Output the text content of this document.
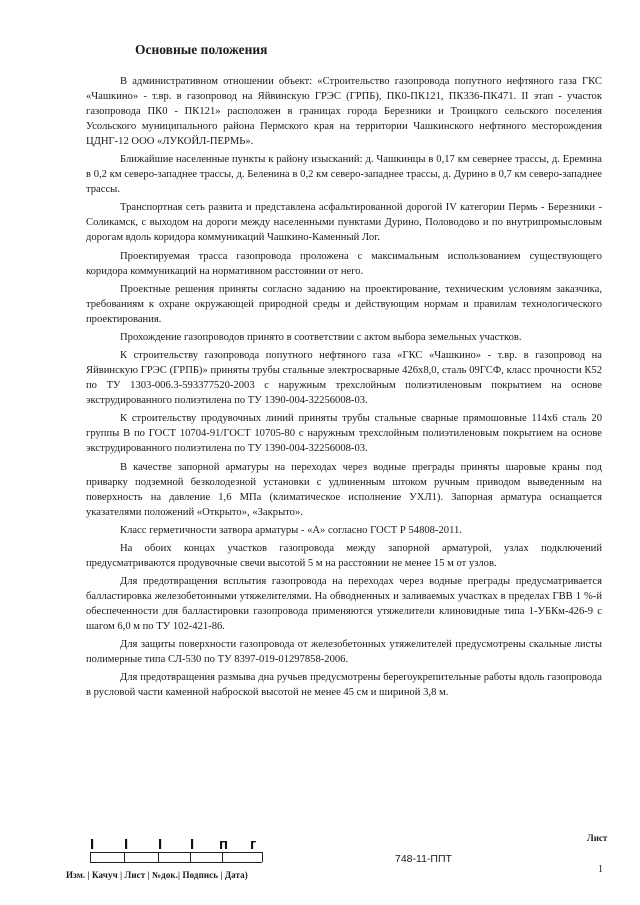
Основные положения

В административном отношении объект: «Строительство газопровода попутного нефтяного газа ГКС «Чашкино» - т.вр. в газопровод на Яйвинскую ГРЭС (ГРПБ), ПК0-ПК121, ПК336-ПК471. II этап - участок газопровода ПК0 - ПК121» расположен в границах города Березники и Троицкого сельского поселения Усольского муниципального района Пермского края на территории Чашкинского нефтяного месторождения ЦДНГ-12 ООО «ЛУКОЙЛ-ПЕРМЬ».

Ближайшие населенные пункты к району изысканий: д. Чашкинцы в 0,17 км севернее трассы, д. Еремина в 0,2 км северо-западнее трассы, д. Беленина в 0,2 км северо-западнее трассы, д. Дурино в 0,7 км северо-западнее трассы.

Транспортная сеть развита и представлена асфальтированной дорогой IV категории Пермь - Березники - Соликамск, с выходом на дороги между населенными пунктами Дурино, Половодово и по внутрипромысловым дорогам вдоль коридора коммуникаций Чашкино-Каменный Лог.

Проектируемая трасса газопровода проложена с максимальным использованием существующего коридора коммуникаций на нормативном расстоянии от него.

Проектные решения приняты согласно заданию на проектирование, техническим условиям заказчика, требованиям к охране окружающей природной среды и действующим нормам и правилам технологического проектирования.

Прохождение газопроводов принято в соответствии с актом выбора земельных участков.

К строительству газопровода попутного нефтяного газа «ГКС «Чашкино» - т.вр. в газопровод на Яйвинскую ГРЭС (ГРПБ)» приняты трубы стальные электросварные 426х8,0, сталь 09ГСФ, класс прочности К52 по ТУ 1303-006.3-593377520-2003 с наружным трехслойным полиэтиленовым покрытием на основе экструдированного полиэтилена по ТУ 1390-004-32256008-03.

К строительству продувочных линий приняты трубы стальные сварные прямошовные 114х6 сталь 20 группы В по ГОСТ 10704-91/ГОСТ 10705-80 с наружным трехслойным полиэтиленовым покрытием на основе экструдированного полиэтилена по ТУ 1390-004-32256008-03.

В качестве запорной арматуры на переходах через водные преграды приняты шаровые краны под приварку подземной безколодезной установки с удлиненным штоком ручным приводом выведенным на поверхность на давление 1,6 МПа (климатическое исполнение УХЛ1). Запорная арматура оснащается указателями положений «Открыто», «Закрыто».

Класс герметичности затвора арматуры - «А» согласно ГОСТ Р 54808-2011.

На обоих концах участков газопровода между запорной арматурой, узлах подключений предусматриваются продувочные свечи высотой 5 м на расстоянии не менее 15 м от узлов.

Для предотвращения всплытия газопровода на переходах через водные преграды предусматривается балластировка железобетонными утяжелителями. На обводненных и заливаемых участках в пределах ГВВ 1 %-й обеспеченности для балластировки газопровода применяются утяжелители клиновидные типа 1-УБКм-426-9 с шагом 6,0 м по ТУ 102-421-86.

Для защиты поверхности газопровода от железобетонных утяжелителей предусмотрены скальные листы полимерные типа СЛ-530 по ТУ 8397-019-01297858-2006.

Для предотвращения размыва дна ручьев предусмотрены берегоукрепительные работы вдоль газопровода в русловой части каменной наброской высотой не менее 45 см и шириной 3,8 м.

I I I I п г
Изм. | Качуч | Лист | №док.| Подпись | Дата)
748-11-ППТ
Лист
1
